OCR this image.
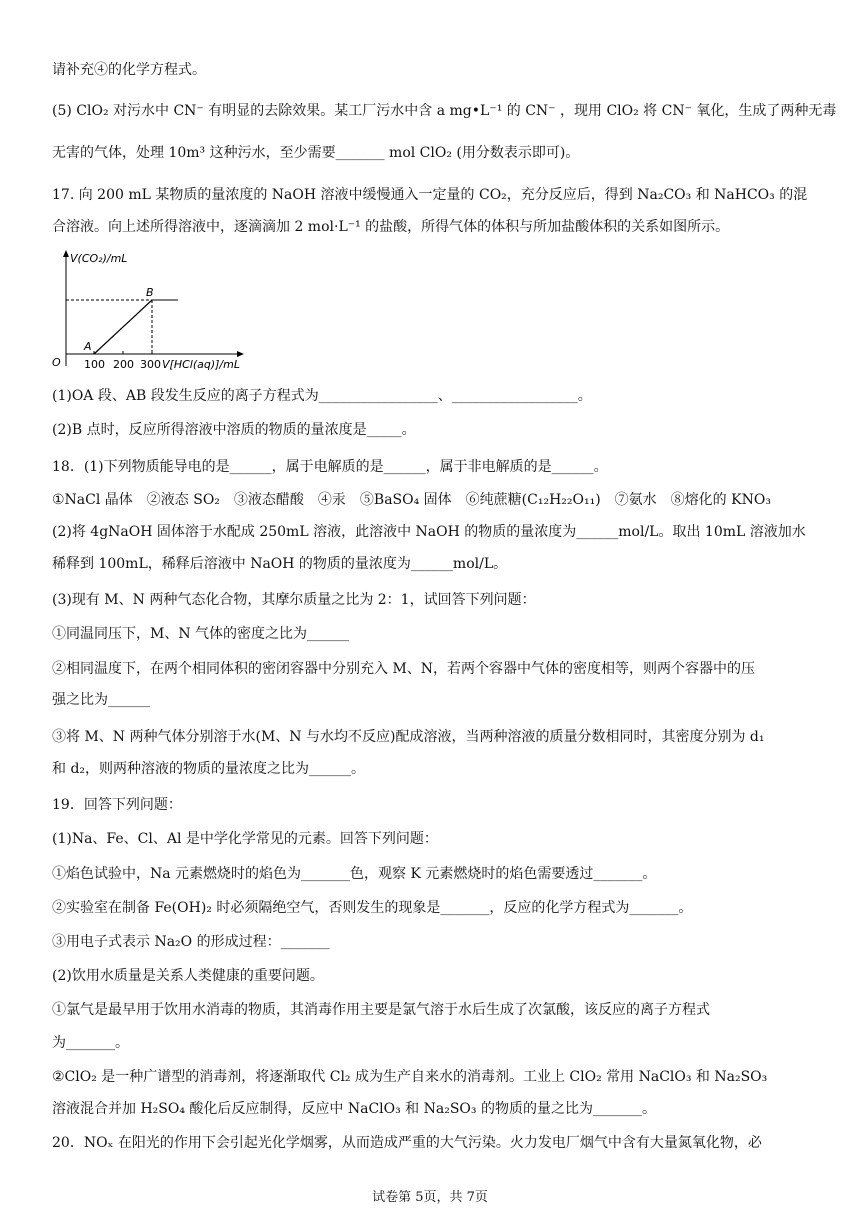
请补充④的化学方程式。
(5) ClO₂ 对污水中 CN⁻ 有明显的去除效果。某工厂污水中含 a mg•L⁻¹ 的 CN⁻ ，现用 ClO₂ 将 CN⁻ 氧化，生成了两种无毒
无害的气体，处理 10m³ 这种污水，至少需要_______ mol ClO₂ (用分数表示即可)。
17. 向 200 mL 某物质的量浓度的 NaOH 溶液中缓慢通入一定量的 CO₂，充分反应后，得到 Na₂CO₃ 和 NaHCO₃ 的混
合溶液。向上述所得溶液中，逐滴滴加 2 mol·L⁻¹ 的盐酸，所得气体的体积与所加盐酸体积的关系如图所示。
(1)OA 段、AB 段发生反应的离子方程式为_________________、__________________。
(2)B 点时，反应所得溶液中溶质的物质的量浓度是_____。
18．(1)下列物质能导电的是______，属于电解质的是______，属于非电解质的是______。
①NaCl 晶体　②液态 SO₂　③液态醋酸　④汞　⑤BaSO₄ 固体　⑥纯蔗糖(C₁₂H₂₂O₁₁)　⑦氨水　⑧熔化的 KNO₃
(2)将 4gNaOH 固体溶于水配成 250mL 溶液，此溶液中 NaOH 的物质的量浓度为______mol/L。取出 10mL 溶液加水
稀释到 100mL，稀释后溶液中 NaOH 的物质的量浓度为______mol/L。
(3)现有 M、N 两种气态化合物，其摩尔质量之比为 2：1，试回答下列问题：
①同温同压下，M、N 气体的密度之比为______
②相同温度下，在两个相同体积的密闭容器中分别充入 M、N，若两个容器中气体的密度相等，则两个容器中的压
强之比为______
③将 M、N 两种气体分别溶于水(M、N 与水均不反应)配成溶液，当两种溶液的质量分数相同时，其密度分别为 d₁
和 d₂，则两种溶液的物质的量浓度之比为______。
19．回答下列问题：
(1)Na、Fe、Cl、Al 是中学化学常见的元素。回答下列问题：
①焰色试验中，Na 元素燃烧时的焰色为_______色，观察 K 元素燃烧时的焰色需要透过_______。
②实验室在制备 Fe(OH)₂ 时必须隔绝空气，否则发生的现象是_______，反应的化学方程式为_______。
③用电子式表示 Na₂O 的形成过程：_______
(2)饮用水质量是关系人类健康的重要问题。
①氯气是最早用于饮用水消毒的物质，其消毒作用主要是氯气溶于水后生成了次氯酸，该反应的离子方程式
为_______。
②ClO₂ 是一种广谱型的消毒剂，将逐渐取代 Cl₂ 成为生产自来水的消毒剂。工业上 ClO₂ 常用 NaClO₃ 和 Na₂SO₃
溶液混合并加 H₂SO₄ 酸化后反应制得，反应中 NaClO₃ 和 Na₂SO₃ 的物质的量之比为_______。
20．NOₓ 在阳光的作用下会引起光化学烟雾，从而造成严重的大气污染。火力发电厂烟气中含有大量氮氧化物，必
V(CO₂)/mL
O
A
B
100 200 300 V[HCl(aq)]/mL
试卷第 5页，共 7页
